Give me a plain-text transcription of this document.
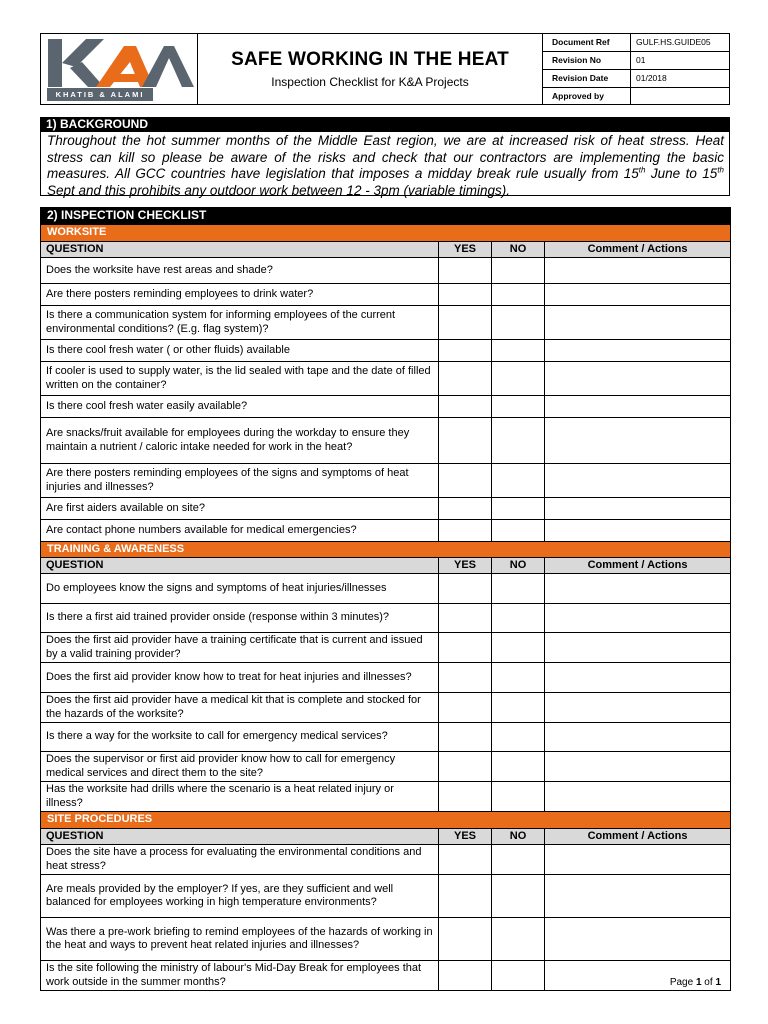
KHATIB & ALAMI
SAFE WORKING IN THE HEAT
Inspection Checklist for K&A Projects
Document Ref	GULF.HS.GUIDE05
Revision No	01
Revision Date	01/2018
Approved by
1) BACKGROUND
Throughout the hot summer months of the Middle East region, we are at increased risk of heat stress. Heat stress can kill so please be aware of the risks and check that our contractors are implementing the basic measures. All GCC countries have legislation that imposes a midday break rule usually from 15th June to 15th Sept and this prohibits any outdoor work between 12 - 3pm (variable timings).
2) INSPECTION CHECKLIST			
WORKSITE			
QUESTION	YES	NO	Comment / Actions
Does the worksite have rest areas and shade?			
Are there posters reminding employees to drink water?			
Is there a communication system for informing employees of the current environmental conditions? (E.g. flag system)?			
Is there cool fresh water ( or other fluids) available			
If cooler is used to supply water, is the lid sealed with tape and the date of filled written on the container?			
Is there cool fresh water easily available?			
Are snacks/fruit available for employees during the workday to ensure they maintain a nutrient / caloric intake needed for work in the heat?			
Are there posters reminding employees of the signs and symptoms of heat injuries and illnesses?			
Are first aiders available on site?			
Are contact phone numbers available for medical emergencies?			
TRAINING & AWARENESS			
QUESTION	YES	NO	Comment / Actions
Do employees know the signs and symptoms of heat injuries/illnesses			
Is there a first aid trained provider onside (response within 3 minutes)?			
Does the first aid provider have a training certificate that is current and issued by a valid training provider?			
Does the first aid provider know how to treat for heat injuries and illnesses?			
Does the first aid provider have a medical kit that is complete and stocked for the hazards of the worksite?			
Is there a way for the worksite to call for emergency medical services?			
Does the supervisor or first aid provider know how to call for emergency medical services and direct them to the site?			
Has the worksite had drills where the scenario is a heat related injury or illness?			
SITE PROCEDURES			
QUESTION	YES	NO	Comment / Actions
Does the site have a process for evaluating the environmental conditions and heat stress?			
Are meals provided by the employer? If yes, are they sufficient and well balanced for employees working in high temperature environments?			
Was there a pre-work briefing to remind employees of the hazards of working in the heat and ways to prevent heat related injuries and illnesses?			
Is the site following the ministry of labour's Mid-Day Break for employees that work outside in the summer months?				Page 1 of 1
